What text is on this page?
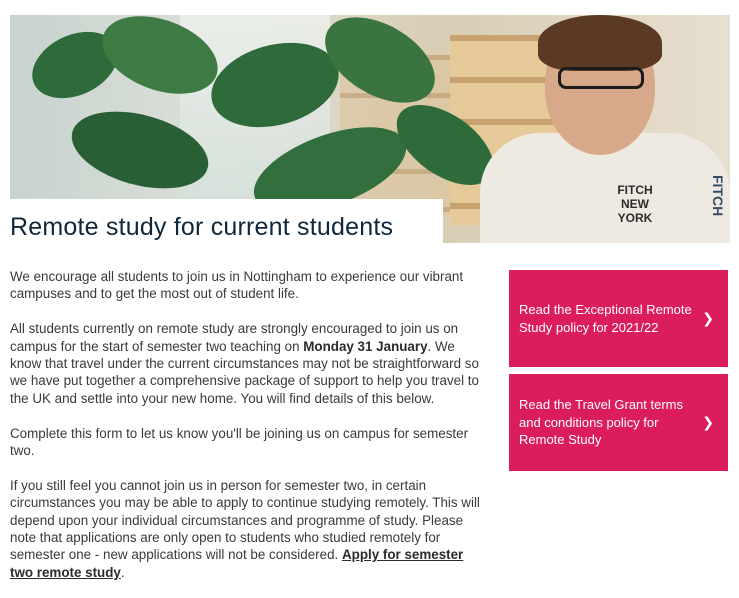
FITCH NEW YORK
FITCH
Remote study for current students

We encourage all students to join us in Nottingham to experience our vibrant campuses and to get the most out of student life.

All students currently on remote study are strongly encouraged to join us on campus for the start of semester two teaching on Monday 31 January. We know that travel under the current circumstances may not be straightforward so we have put together a comprehensive package of support to help you travel to the UK and settle into your new home. You will find details of this below.

Complete this form to let us know you'll be joining us on campus for semester two.

If you still feel you cannot join us in person for semester two, in certain circumstances you may be able to apply to continue studying remotely. This will depend upon your individual circumstances and programme of study. Please note that applications are only open to students who studied remotely for semester one - new applications will not be considered. Apply for semester two remote study.

Read the Exceptional Remote Study policy for 2021/22
❯
Read the Travel Grant terms and conditions policy for Remote Study
❯
